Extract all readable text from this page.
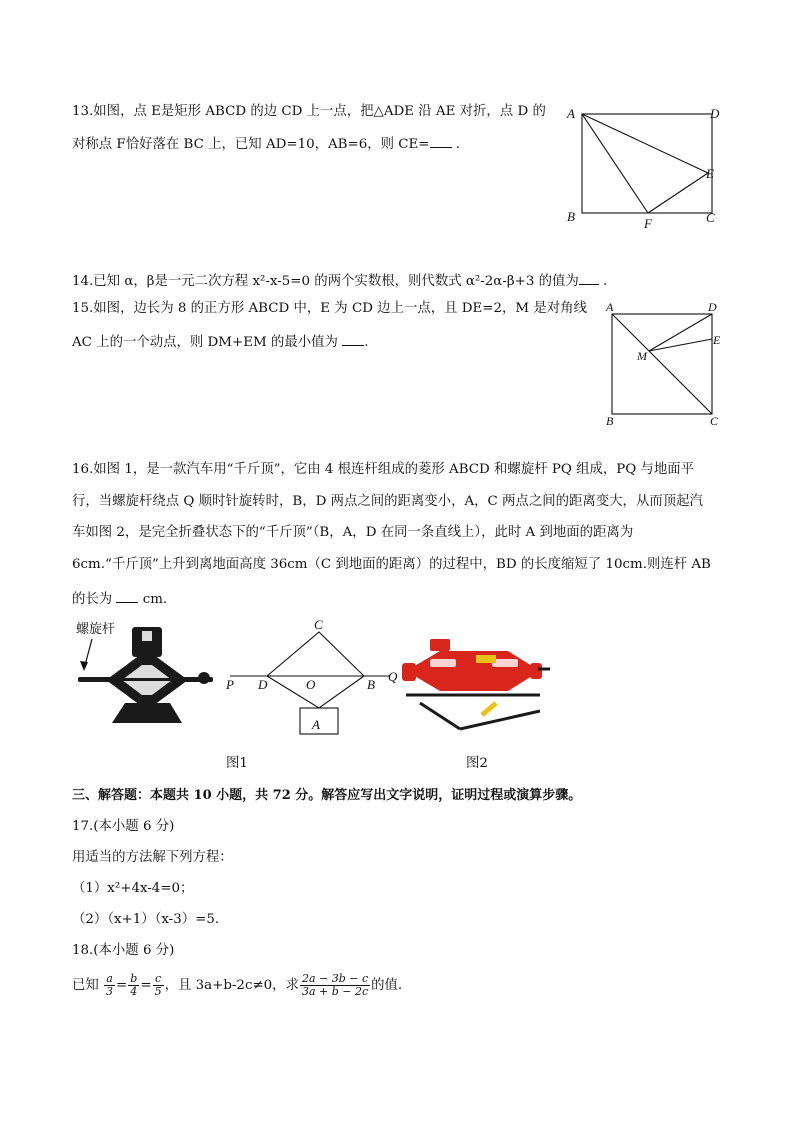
13.如图，点 E是矩形 ABCD 的边 CD 上一点，把△ADE 沿 AE 对折，点 D 的
对称点 F恰好落在 BC 上，已知 AD=10，AB=6，则 CE= .
A	D
E
B	C
F
14.已知 α，β是一元二次方程 x²-x-5=0 的两个实数根，则代数式 α²-2α-β+3 的值为 .
15.如图，边长为 8 的正方形 ABCD 中，E 为 CD 边上一点，且 DE=2，M 是对角线
AC 上的一个动点，则 DM+EM 的最小值为 .
A	D
E
M
B	C
16.如图 1，是一款汽车用“千斤顶”，它由 4 根连杆组成的菱形 ABCD 和螺旋杆 PQ 组成，PQ 与地面平
行，当螺旋杆绕点 Q 顺时针旋转时，B，D 两点之间的距离变小，A，C 两点之间的距离变大，从而顶起汽
车如图 2，是完全折叠状态下的“千斤顶”（B，A，D 在同一条直线上），此时 A 到地面的距离为
6cm.“千斤顶”上升到离地面高度 36cm（C 到地面的距离）的过程中，BD 的长度缩短了 10cm.则连杆 AB
的长为  cm.
螺旋杆	C
P D	O	B
Q
A
图1	图2
三、解答题：本题共 10 小题，共 72 分。解答应写出文字说明，证明过程或演算步骤。
17.(本小题 6 分)
用适当的方法解下列方程：
（1）x²+4x-4=0；
（2）（x+1）（x-3）=5.
18.(本小题 6 分)
已知 $\frac{a}{3} = \frac{b}{4} = \frac{c}{5}$ ，且 3a+b-2c≠0，求 $\frac{2a - 3b - c}{3a + b - 2c}$ 的值.
